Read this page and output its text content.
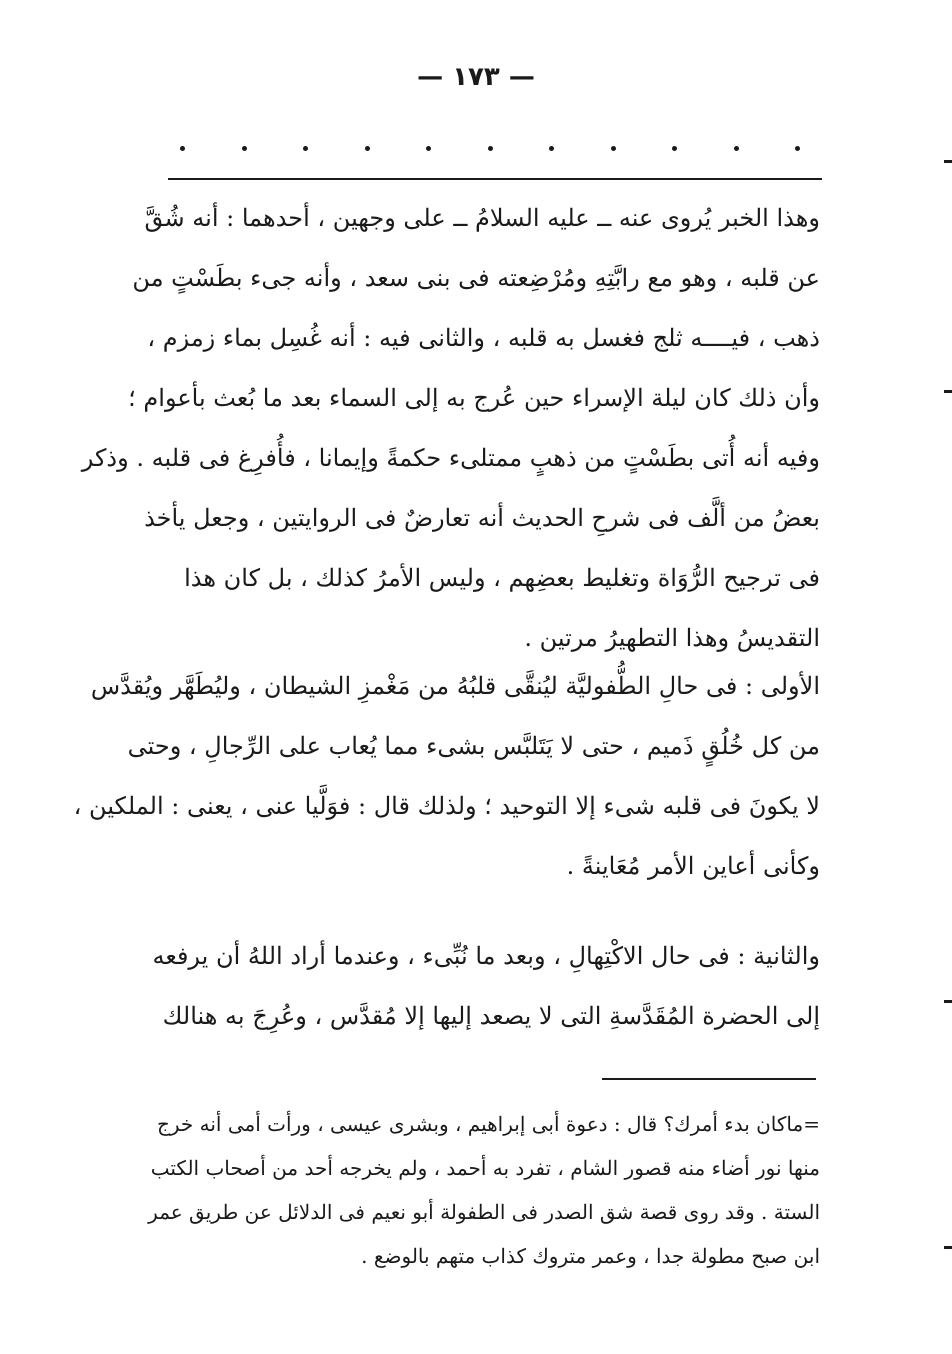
— ١٧٣ —
وهذا الخبر يُروى عنه ــ عليه السلامُ ــ على وجهين ، أحدهما : أنه شُقَّ
عن قلبه ، وهو مع رابَّتِهِ ومُرْضِعته فى بنى سعد ، وأنه جىء بطَسْتٍ من
ذهب ، فيــــه ثلج فغسل به قلبه ، والثانى فيه : أنه غُسِل بماء زمزم ،
وأن ذلك كان ليلة الإسراء حين عُرج به إلى السماء بعد ما بُعث بأعوام ؛
وفيه أنه أُتى بطَسْتٍ من ذهبٍ ممتلىء حكمةً وإيمانا ، فأُفرِغ فى قلبه . وذكر
بعضُ من ألَّف فى شرحِ الحديث أنه تعارضٌ فى الروايتين ، وجعل يأخذ
فى ترجيح الرُّوَاة وتغليط بعضِهم ، وليس الأمرُ كذلك ، بل كان هذا
التقديسُ وهذا التطهيرُ مرتين .
الأولى : فى حالِ الطُّفوليَّة ليُنقَّى قلبُهُ من مَغْمزِ الشيطان ، وليُطَهَّر ويُقدَّس
من كل خُلُقٍ ذَميم ، حتى لا يَتَلبَّس بشىء مما يُعاب على الرِّجالِ ، وحتى
لا يكونَ فى قلبه شىء إلا التوحيد ؛ ولذلك قال : فوَلَّيا عنى ، يعنى : الملكين ،
وكأنى أعاين الأمر مُعَاينةً .
والثانية : فى حال الاكْتِهالِ ، وبعد ما نُبِّىء ، وعندما أراد اللهُ أن يرفعه
إلى الحضرة المُقَدَّسةِ التى لا يصعد إليها إلا مُقدَّس ، وعُرِجَ به هنالك
=ماكان بدء أمرك؟ قال : دعوة أبى إبراهيم ، وبشرى عيسى ، ورأت أمى أنه خرج
منها نور أضاء منه قصور الشام ، تفرد به أحمد ، ولم يخرجه أحد من أصحاب الكتب
الستة . وقد روى قصة شق الصدر فى الطفولة أبو نعيم فى الدلائل عن طريق عمر
ابن صبح مطولة جدا ، وعمر متروك كذاب متهم بالوضع .
